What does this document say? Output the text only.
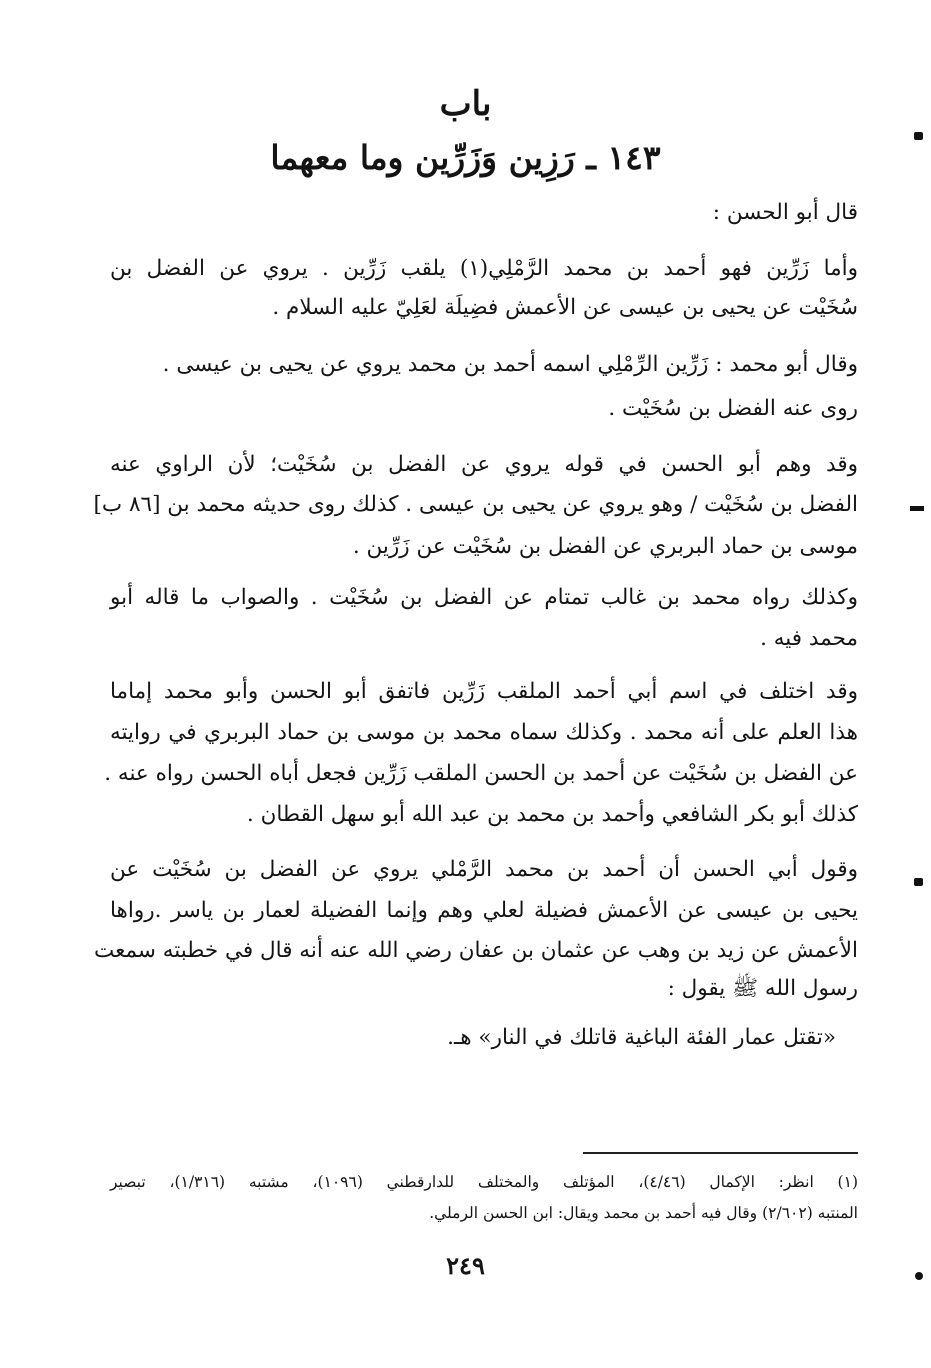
باب
١٤٣ ـ رَزِين وَزَرِّين وما معهما
قال أبو الحسن :
وأما زَرِّين فهو أحمد بن محمد الرَّمْلِي(١) يلقب زَرِّين . يروي عن الفضل بن
سُخَيْت عن يحيى بن عيسى عن الأعمش فضِيلَة لعَلِيّ عليه السلام .
وقال أبو محمد : زَرِّين الرِّمْلِي اسمه أحمد بن محمد يروي عن يحيى بن عيسى .
روى عنه الفضل بن سُخَيْت .
وقد وهم أبو الحسن في قوله يروي عن الفضل بن سُخَيْت؛ لأن الراوي عنه
الفضل بن سُخَيْت / وهو يروي عن يحيى بن عيسى . كذلك روى حديثه محمد بن [٨٦ ب]
موسى بن حماد البربري عن الفضل بن سُخَيْت عن زَرِّين .
وكذلك رواه محمد بن غالب تمتام عن الفضل بن سُخَيْت . والصواب ما قاله أبو
محمد فيه .
وقد اختلف في اسم أبي أحمد الملقب زَرِّين فاتفق أبو الحسن وأبو محمد إماما
هذا العلم على أنه محمد . وكذلك سماه محمد بن موسى بن حماد البربري في روايته
عن الفضل بن سُخَيْت عن أحمد بن الحسن الملقب زَرِّين فجعل أباه الحسن رواه عنه .
كذلك أبو بكر الشافعي وأحمد بن محمد بن عبد الله أبو سهل القطان .
وقول أبي الحسن أن أحمد بن محمد الرَّمْلي يروي عن الفضل بن سُخَيْت عن
يحيى بن عيسى عن الأعمش فضيلة لعلي وهم وإنما الفضيلة لعمار بن ياسر .رواها
الأعمش عن زيد بن وهب عن عثمان بن عفان رضي الله عنه أنه قال في خطبته سمعت
رسول الله ﷺ يقول :
«تقتل عمار الفئة الباغية قاتلك في النار» هـ.
(١) انظر: الإكمال (٤/٤٦)، المؤتلف والمختلف للدارقطني (١٠٩٦)، مشتبه (١/٣١٦)، تبصير
المنتبه (٢/٦٠٢) وقال فيه أحمد بن محمد ويقال: ابن الحسن الرملي.
٢٤٩
